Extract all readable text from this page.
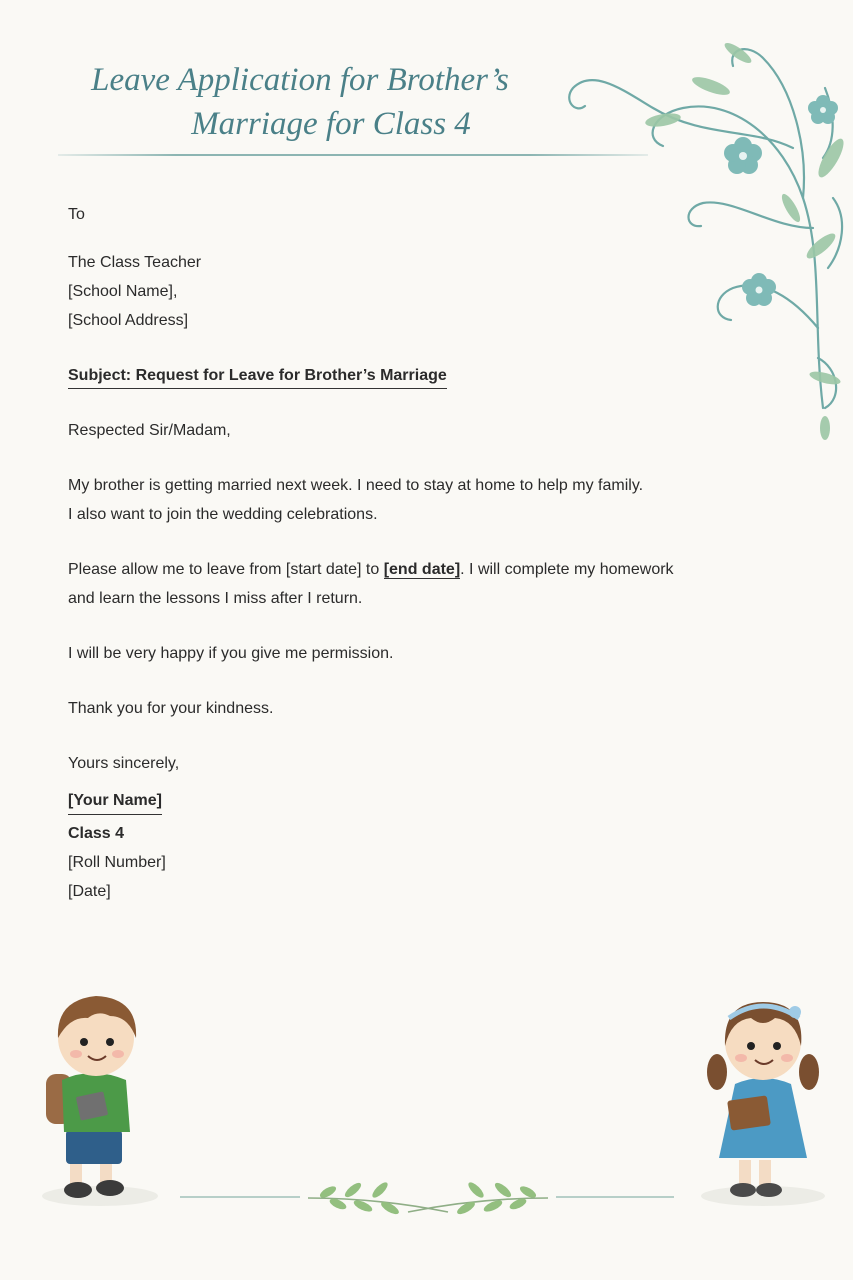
Leave Application for Brother’s
Marriage for Class 4

To

The Class Teacher

[School Name],

[School Address]

Subject: Request for Leave for Brother’s Marriage

Respected Sir/Madam,

My brother is getting married next week. I need to stay at home to help my family.

I also want to join the wedding celebrations.

Please allow me to leave from [start date] to [end date]. I will complete my homework

and learn the lessons I miss after I return.

I will be very happy if you give me permission.

Thank you for your kindness.

Yours sincerely,

[Your Name]

Class 4

[Roll Number]

[Date]
